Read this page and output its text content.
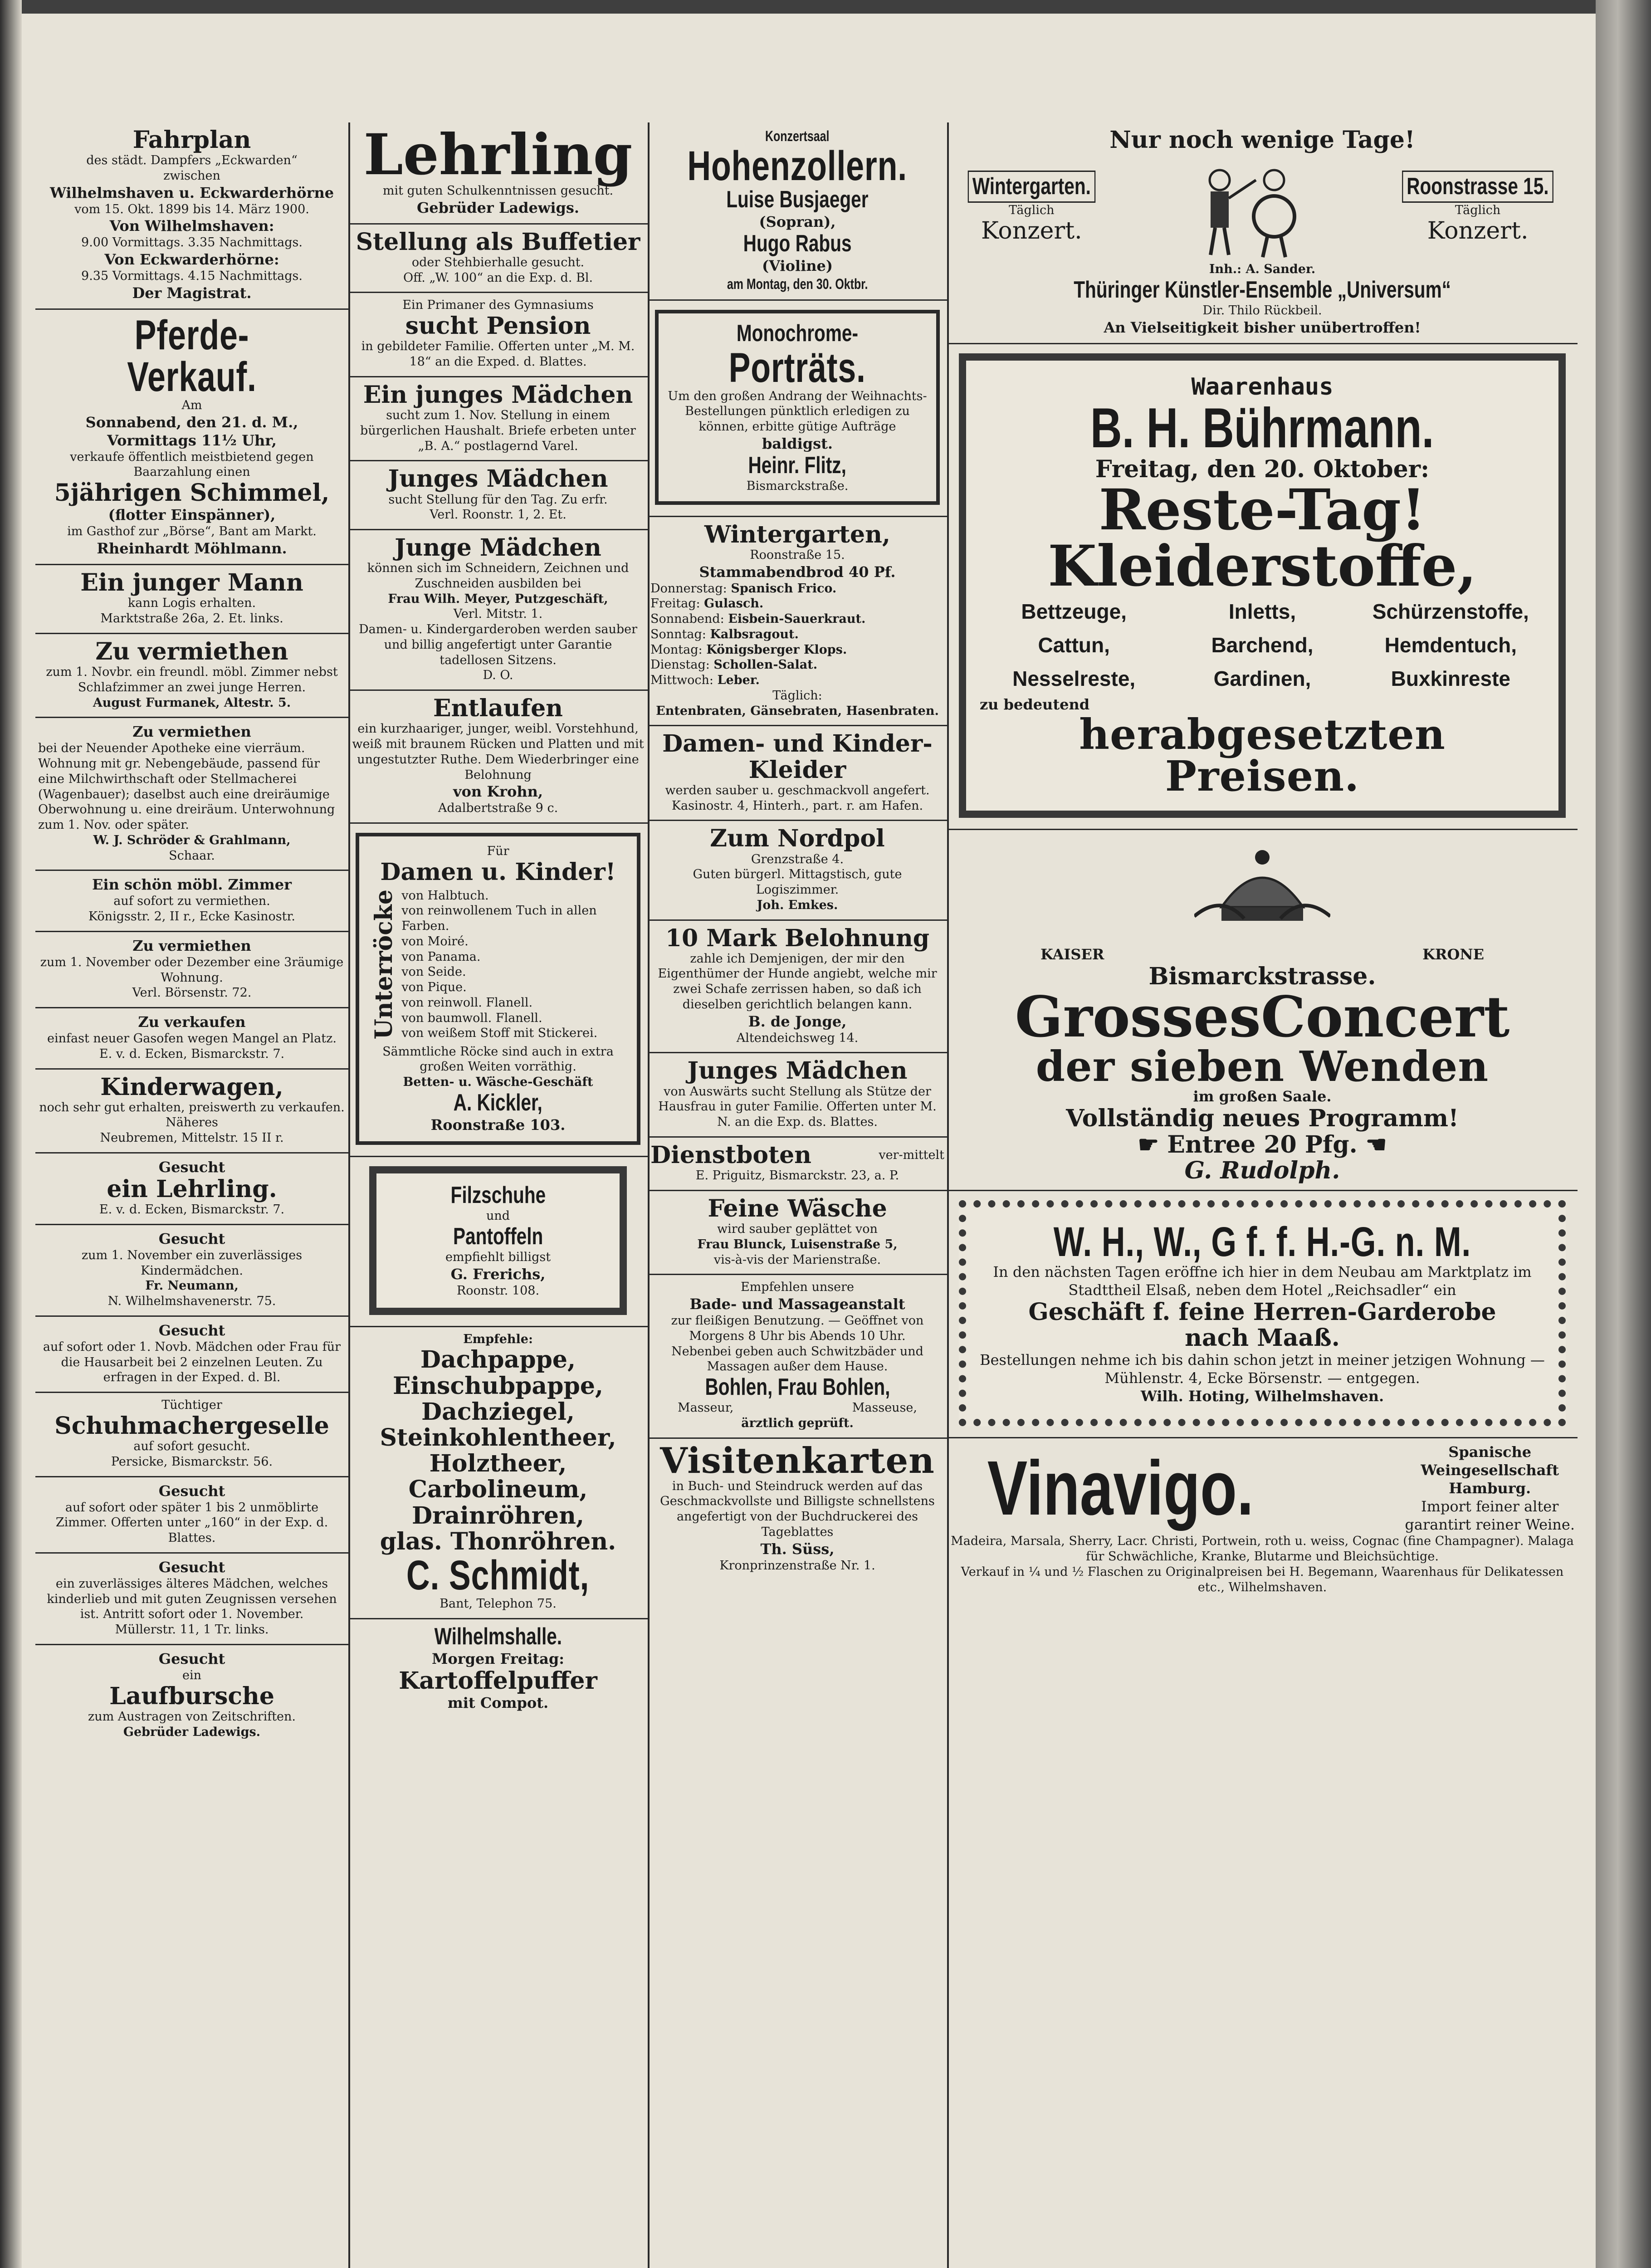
Fahrplan
des städt. Dampfers „Eckwarden“
zwischen
Wilhelmshaven u. Eckwarderhörne
vom 15. Okt. 1899 bis 14. März 1900.
Von Wilhelmshaven:
9.00 Vormittags. 3.35 Nachmittags.
Von Eckwarderhörne:
9.35 Vormittags. 4.15 Nachmittags.
Der Magistrat.
Pferde-Verkauf.
Am
Sonnabend, den 21. d. M.,
Vormittags 11½ Uhr,
verkaufe öffentlich meistbietend gegen Baarzahlung einen
5jährigen Schimmel,
(flotter Einspänner),
im Gasthof zur „Börse“, Bant am Markt.
Rheinhardt Möhlmann.
Ein junger Mann
kann Logis erhalten.
Marktstraße 26a, 2. Et. links.
Zu vermiethen
zum 1. Novbr. ein freundl. möbl. Zimmer nebst Schlafzimmer an zwei junge Herren.
August Furmanek, Altestr. 5.
Zu vermiethen
bei der Neuender Apotheke eine vierräum. Wohnung mit gr. Nebengebäude, passend für eine Milchwirthschaft oder Stellmacherei (Wagenbauer); daselbst auch eine dreiräumige Oberwohnung u. eine dreiräum. Unterwohnung zum 1. Nov. oder später.
W. J. Schröder & Grahlmann,
Schaar.
Ein schön möbl. Zimmer
auf sofort zu vermiethen.
Königsstr. 2, II r., Ecke Kasinostr.
Zu vermiethen
zum 1. November oder Dezember eine 3räumige Wohnung.
Verl. Börsenstr. 72.
Zu verkaufen
einfast neuer Gasofen wegen Mangel an Platz.
E. v. d. Ecken, Bismarckstr. 7.
Kinderwagen,
noch sehr gut erhalten, preiswerth zu verkaufen. Näheres
Neubremen, Mittelstr. 15 II r.
Gesucht
ein Lehrling.
E. v. d. Ecken, Bismarckstr. 7.
Gesucht
zum 1. November ein zuverlässiges Kindermädchen.
Fr. Neumann,
N. Wilhelmshavenerstr. 75.
Gesucht
auf sofort oder 1. Novb. Mädchen oder Frau für die Hausarbeit bei 2 einzelnen Leuten. Zu erfragen in der Exped. d. Bl.
Tüchtiger
Schuhmachergeselle
auf sofort gesucht.
Persicke, Bismarckstr. 56.
Gesucht
auf sofort oder später 1 bis 2 unmöblirte Zimmer. Offerten unter „160“ in der Exp. d. Blattes.
Gesucht
ein zuverlässiges älteres Mädchen, welches kinderlieb und mit guten Zeugnissen versehen ist. Antritt sofort oder 1. November.
Müllerstr. 11, 1 Tr. links.
Gesucht
ein
Laufbursche
zum Austragen von Zeitschriften.
Gebrüder Ladewigs.
Lehrling
mit guten Schulkenntnissen gesucht.
Gebrüder Ladewigs.
Stellung als Buffetier
oder Stehbierhalle gesucht.
Off. „W. 100“ an die Exp. d. Bl.
Ein Primaner des Gymnasiums
sucht Pension
in gebildeter Familie. Offerten unter „M. M. 18“ an die Exped. d. Blattes.
Ein junges Mädchen
sucht zum 1. Nov. Stellung in einem bürgerlichen Haushalt. Briefe erbeten unter „B. A.“ postlagernd Varel.
Junges Mädchen
sucht Stellung für den Tag. Zu erfr.
Verl. Roonstr. 1, 2. Et.
Junge Mädchen
können sich im Schneidern, Zeichnen und Zuschneiden ausbilden bei
Frau Wilh. Meyer, Putzgeschäft,
Verl. Mitstr. 1.
Damen- u. Kindergarderoben werden sauber und billig angefertigt unter Garantie tadellosen Sitzens.
D. O.
Entlaufen
ein kurzhaariger, junger, weibl. Vorstehhund, weiß mit braunem Rücken und Platten und mit ungestutzter Ruthe. Dem Wiederbringer eine Belohnung
von Krohn,
Adalbertstraße 9 c.
Für
Damen u. Kinder!
Unterröcke von Halbtuch.
von reinwollenem Tuch in allen Farben.
von Moiré.
von Panama.
von Seide.
von Pique.
von reinwoll. Flanell.
von baumwoll. Flanell.
von weißem Stoff mit Stickerei.
Sämmtliche Röcke sind auch in extra großen Weiten vorräthig.
Betten- u. Wäsche-Geschäft
A. Kickler,
Roonstraße 103.
Filzschuhe
und
Pantoffeln
empfiehlt billigst
G. Frerichs,
Roonstr. 108.
Empfehle:
Dachpappe,
Einschubpappe,
Dachziegel,
Steinkohlentheer,
Holztheer,
Carbolineum,
Drainröhren,
glas. Thonröhren.
C. Schmidt,
Bant, Telephon 75.
Wilhelmshalle.
Morgen Freitag:
Kartoffelpuffer
mit Compot.
Konzertsaal Hohenzollern. Luise Busjaeger
(Sopran),
Hugo Rabus
(Violine)
am Montag, den 30. Oktbr.
Monochrome- Porträts.
Um den großen Andrang der Weihnachts-Bestellungen pünktlich erledigen zu können, erbitte gütige Aufträge
baldigst.
Heinr. Flitz,
Bismarckstraße.
Wintergarten,
Roonstraße 15.
Stammabendbrod 40 Pf.
Donnerstag: Spanisch Frico.
Freitag: Gulasch.
Sonnabend: Eisbein-Sauerkraut.
Sonntag: Kalbsragout.
Montag: Königsberger Klops.
Dienstag: Schollen-Salat.
Mittwoch: Leber.
Täglich:
Entenbraten, Gänsebraten, Hasenbraten.
Damen- und Kinder-Kleider
werden sauber u. geschmackvoll angefert.
Kasinostr. 4, Hinterh., part. r. am Hafen.
Zum Nordpol
Grenzstraße 4.
Guten bürgerl. Mittagstisch, gute Logiszimmer.
Joh. Emkes.
10 Mark Belohnung
zahle ich Demjenigen, der mir den Eigenthümer der Hunde angiebt, welche mir zwei Schafe zerrissen haben, so daß ich dieselben gerichtlich belangen kann.
B. de Jonge,
Altendeichsweg 14.
Junges Mädchen
von Auswärts sucht Stellung als Stütze der Hausfrau in guter Familie. Offerten unter M. N. an die Exp. ds. Blattes.
Dienstboten	ver-mittelt
E. Priguitz, Bismarckstr. 23, a. P.
Feine Wäsche
wird sauber geplättet von
Frau Blunck, Luisenstraße 5,
vis-à-vis der Marienstraße.
Empfehlen unsere
Bade- und Massageanstalt
zur fleißigen Benutzung. — Geöffnet von Morgens 8 Uhr bis Abends 10 Uhr.
Nebenbei geben auch Schwitzbäder und Massagen außer dem Hause.
Bohlen, Frau Bohlen,
Masseur,	Masseuse,
ärztlich geprüft.
Visitenkarten
in Buch- und Steindruck werden auf das Geschmackvollste und Billigste schnellstens angefertigt von der Buchdruckerei des Tageblattes
Th. Süss,
Kronprinzenstraße Nr. 1.
Nur noch wenige Tage!
Wintergarten.
Täglich
Konzert.
Roonstrasse 15.
Täglich
Konzert.
Inh.: A. Sander.
Thüringer Künstler-Ensemble „Universum“
Dir. Thilo Rückbeil.
An Vielseitigkeit bisher unübertroffen!
Waarenhaus
B. H. Bührmann.
Freitag, den 20. Oktober:
Reste-Tag!
Kleiderstoffe,
Bettzeuge,	Inletts,	Schürzenstoffe,
Cattun,	Barchend,	Hemdentuch,
Nesselreste,	Gardinen,	Buxkinreste
zu bedeutend
herabgesetzten Preisen.
KAISER	KRONE
Bismarckstrasse.
GrossesConcert
der sieben Wenden
im großen Saale.
Vollständig neues Programm!
☛ Entree 20 Pfg. ☚
G. Rudolph.
W. H., W., G f. f. H.-G. n. M.
In den nächsten Tagen eröffne ich hier in dem Neubau am Marktplatz im Stadttheil Elsaß, neben dem Hotel „Reichsadler“ ein
Geschäft f. feine Herren-Garderobe
nach Maaß.
Bestellungen nehme ich bis dahin schon jetzt in meiner jetzigen Wohnung — Mühlenstr. 4, Ecke Börsenstr. — entgegen.
Wilh. Hoting, Wilhelmshaven.
Vinavigo.	Spanische
Weingesellschaft
Hamburg.
Import feiner alter
garantirt reiner Weine.
Madeira, Marsala, Sherry, Lacr. Christi, Portwein, roth u. weiss, Cognac (fine Champagner). Malaga für Schwächliche, Kranke, Blutarme und Bleichsüchtige.
Verkauf in ¼ und ½ Flaschen zu Originalpreisen bei H. Begemann, Waarenhaus für Delikatessen etc., Wilhelmshaven.
